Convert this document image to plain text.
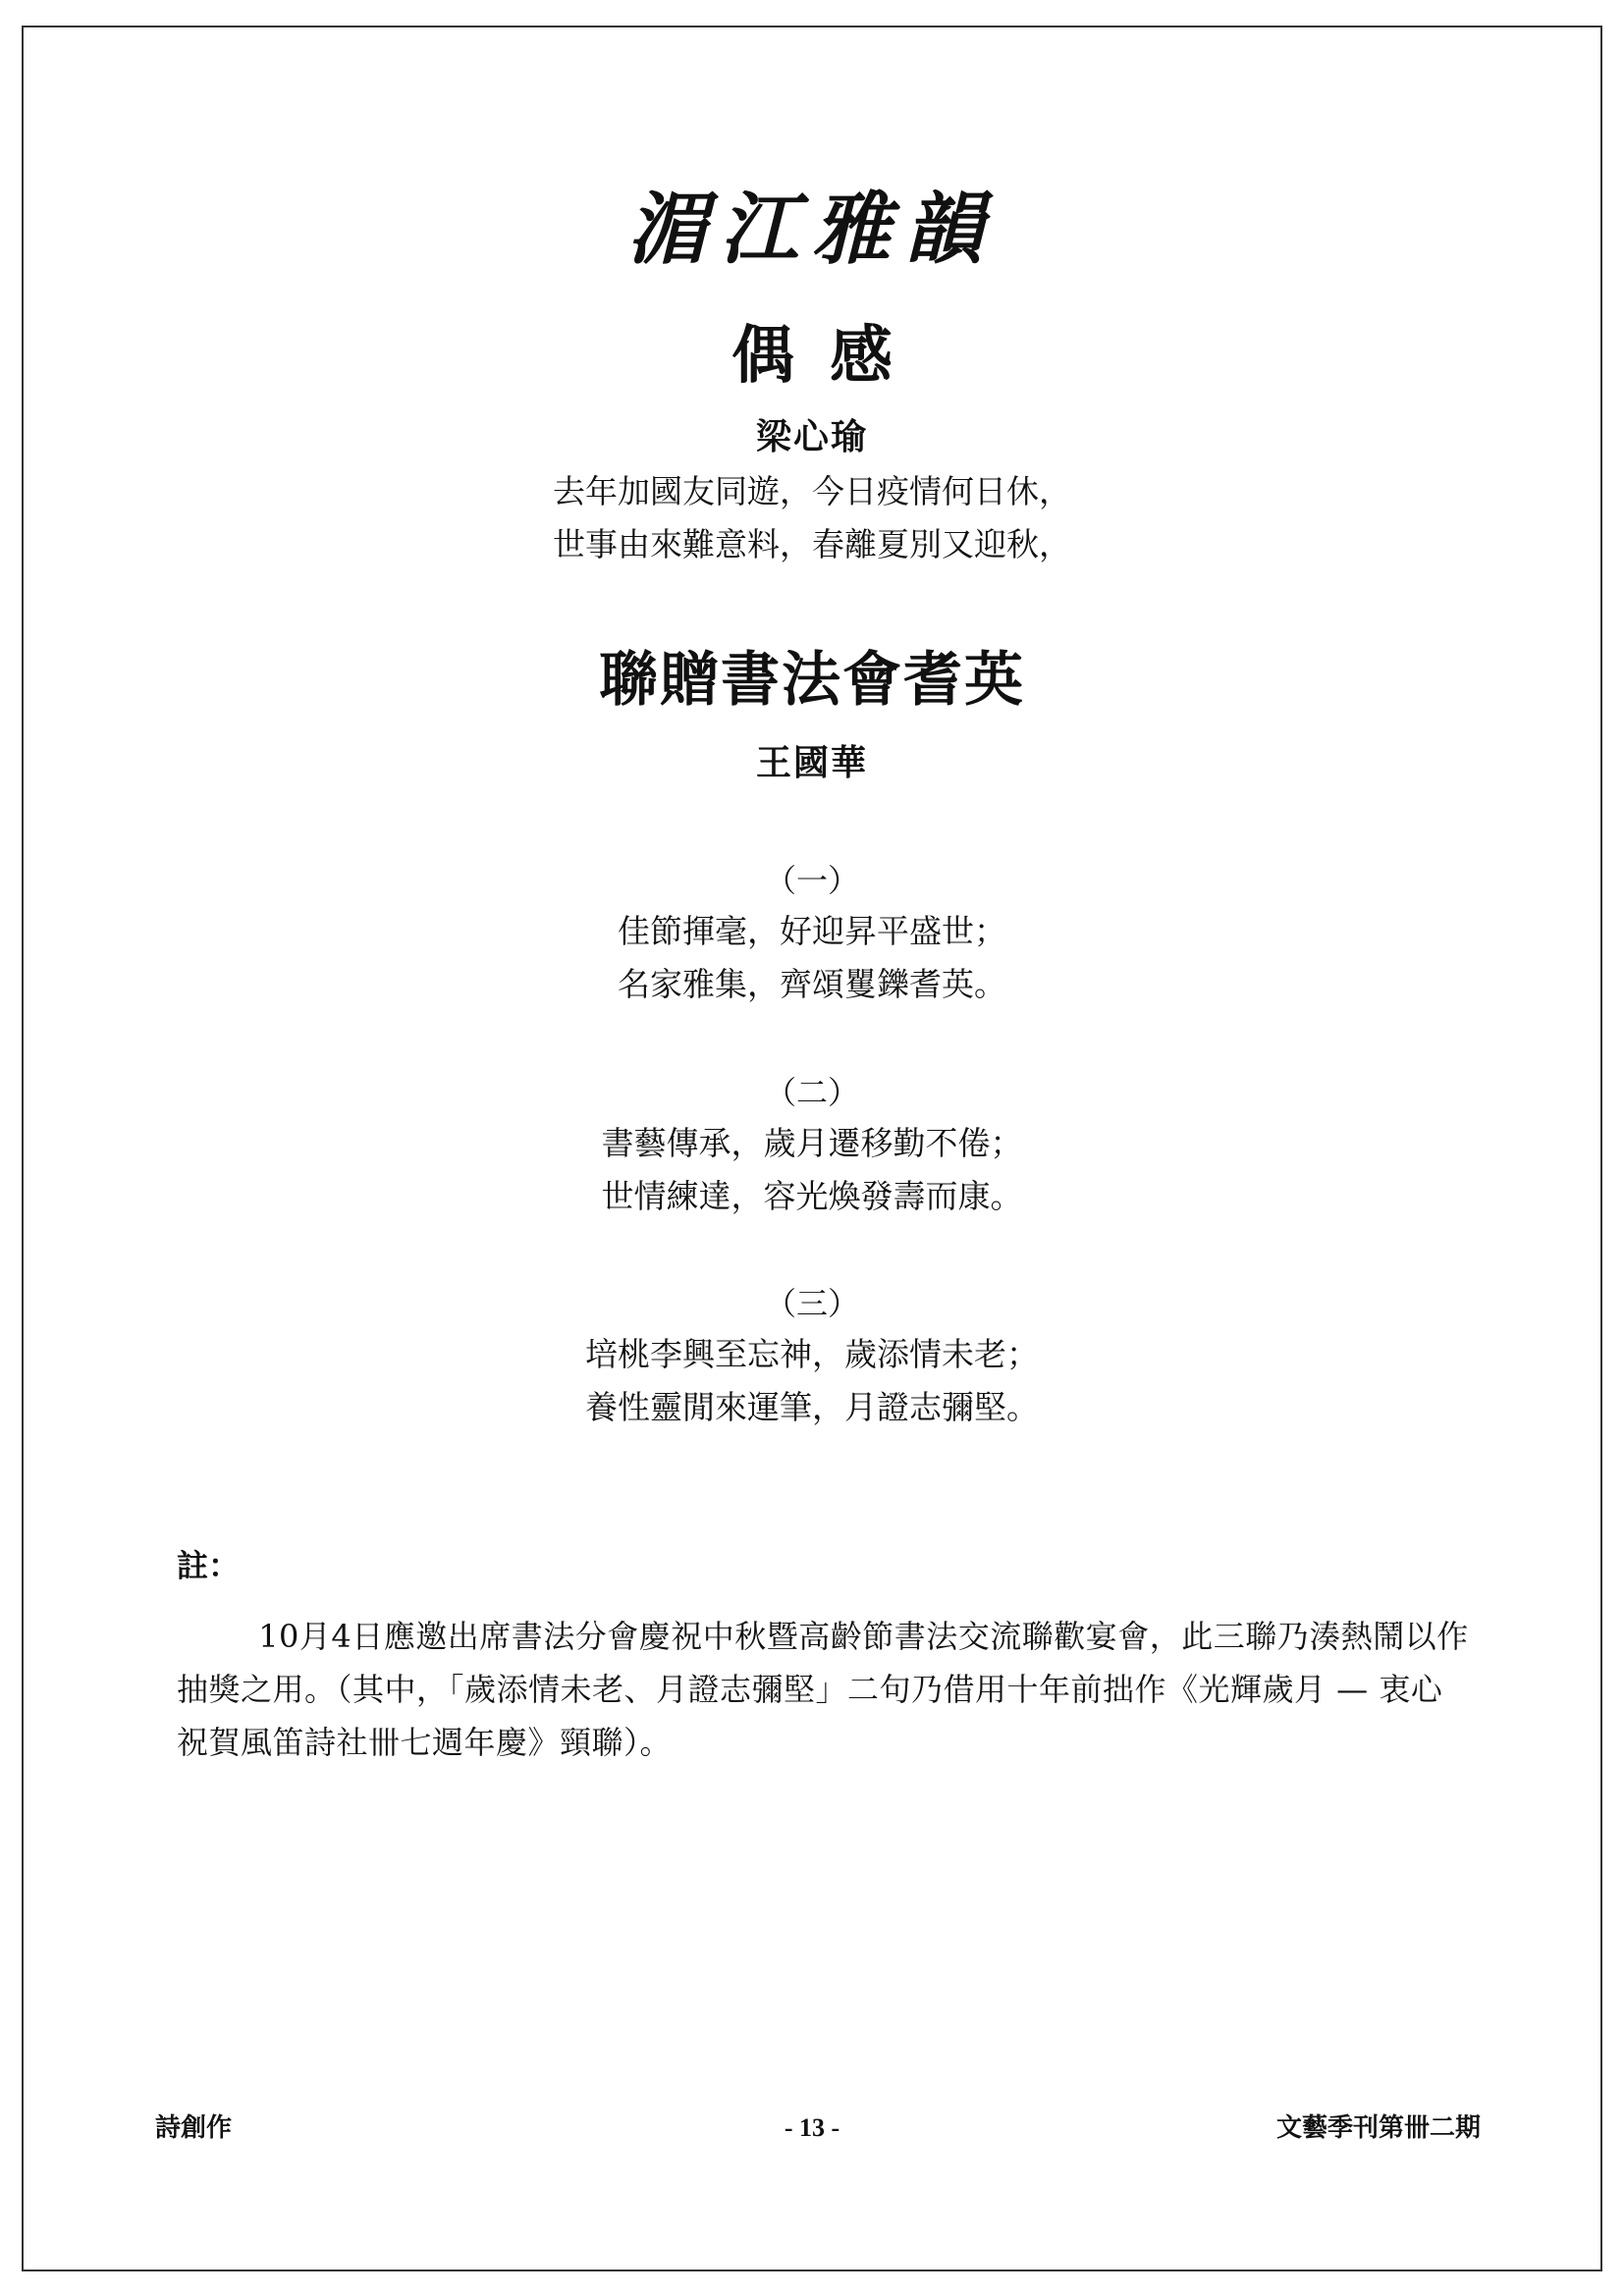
湄江雅韻
偶感
梁心瑜
去年加國友同遊，今日疫情何日休，
世事由來難意料，春離夏別又迎秋，
聯贈書法會耆英
王國華
（一）
佳節揮毫，好迎昇平盛世；
名家雅集，齊頌矍鑠耆英。
（二）
書藝傳承，歲月遷移勤不倦；
世情練達，容光煥發壽而康。
（三）
培桃李興至忘神，歲添情未老；
養性靈閒來運筆，月證志彌堅。
註：
10月4日應邀出席書法分會慶祝中秋暨高齡節書法交流聯歡宴會，此三聯乃湊熱鬧以作抽獎之用。（其中，「歲添情未老、月證志彌堅」二句乃借用十年前拙作《光輝歲月 — 衷心祝賀風笛詩社卌七週年慶》頸聯）。
詩創作	- 13 -	文藝季刊第卌二期
